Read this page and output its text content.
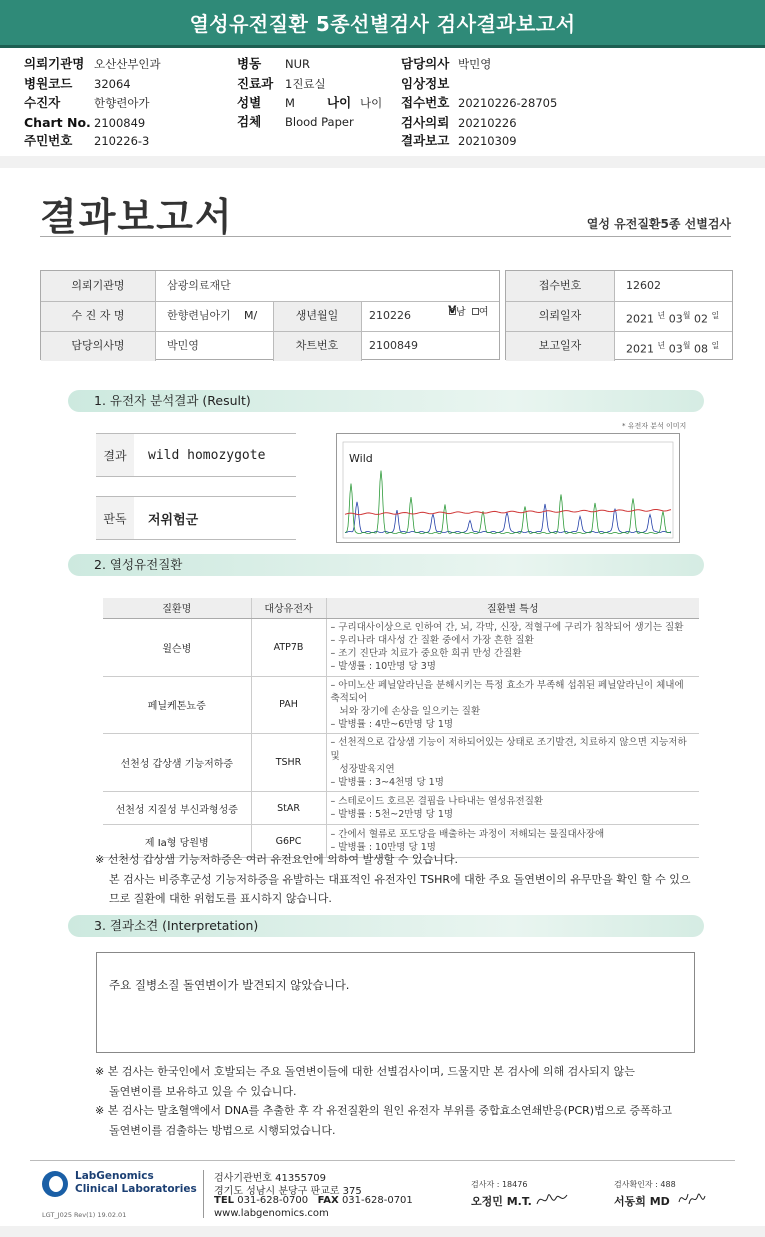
열성유전질환 5종선별검사 검사결과보고서
의뢰기관명 오산산부인과
병원코드 32064
수진자	한향련아가
Chart No. 2100849
주민번호 210226-3
병동 NUR
진료과 1진료실
성별 M	나이 나이
검체 Blood Paper
담당의사 박민영
임상정보
접수번호 20210226-28705
검사의뢰 20210226
결과보고 20210309
결과보고서	열성 유전질환5종 선별검사
의뢰기관명	삼광의료재단
수 진 자 명	한향련님아기	M/	생년월일	210226	v 남 여
담당의사명	박민영	차트번호	2100849
접수번호	12602
의뢰일자	2021 $^년$ $03^월$ 02 $^일$
보고일자	2021 $^년$ $03^월$ 08 $^일$
1. 유전자 분석결과 (Result)
* 유전자 분석 이미지
결과	wild homozygote
판독	저위험군
Wild
2. 열성유전질환
질환명	대상유전자	질환별 특성
윌슨병	ATP7B	– 구리대사이상으로 인하여 간, 뇌, 각막, 신장, 적혈구에 구리가 침착되어 생기는 질환
– 우리나라 대사성 간 질환 중에서 가장 흔한 질환
– 조기 진단과 치료가 중요한 희귀 만성 간질환
– 발생률 : 10만명 당 3명

페닐케톤뇨증	PAH	– 아미노산 페닐알라닌을 분해시키는 특정 효소가 부족해 섭취된 페닐알라닌이 체내에 축적되어
뇌와 장기에 손상을 일으키는 질환
– 발병률 : 4만~6만명 당 1명

선천성 갑상샘 기능저하증	TSHR	– 선천적으로 갑상샘 기능이 저하되어있는 상태로 조기발견, 치료하지 않으면 지능저하 및
성장발육지연
– 발병률 : 3~4천명 당 1명

선천성 지질성 부신과형성증	StAR	– 스테로이드 호르몬 결핍을 나타내는 열성유전질환
– 발병률 : 5천~2만명 당 1명

제 Ia형 당원병	G6PC	– 간에서 혈류로 포도당을 배출하는 과정이 저해되는 물질대사장애
– 발병률 : 10만명 당 1명
※ 선천성 갑상샘 기능저하증은 여러 유전요인에 의하여 발생할 수 있습니다.
본 검사는 비증후군성 기능저하증을 유발하는 대표적인 유전자인 TSHR에 대한 주요 돌연변이의 유무만을 확인 할 수 있으
므로 질환에 대한 위험도를 표시하지 않습니다.
3. 결과소견 (Interpretation)
주요 질병소질 돌연변이가 발견되지 않았습니다.
※ 본 검사는 한국인에서 호발되는 주요 돌연변이들에 대한 선별검사이며, 드물지만 본 검사에 의해 검사되지 않는
돌연변이를 보유하고 있을 수 있습니다.
※ 본 검사는 말초혈액에서 DNA를 추출한 후 각 유전질환의 원인 유전자 부위를 중합효소연쇄반응(PCR)법으로 증폭하고
돌연변이를 검출하는 방법으로 시행되었습니다.
LabGenomics
Clinical Laboratories
LGT_J025 Rev(1) 19.02.01
검사기관번호 41355709
경기도 성남시 분당구 판교로 375
TEL 031-628-0700 FAX 031-628-0701
www.labgenomics.com
검사자 : 18476
오정민 M.T.
검사확인자 : 488
서동희 MD
